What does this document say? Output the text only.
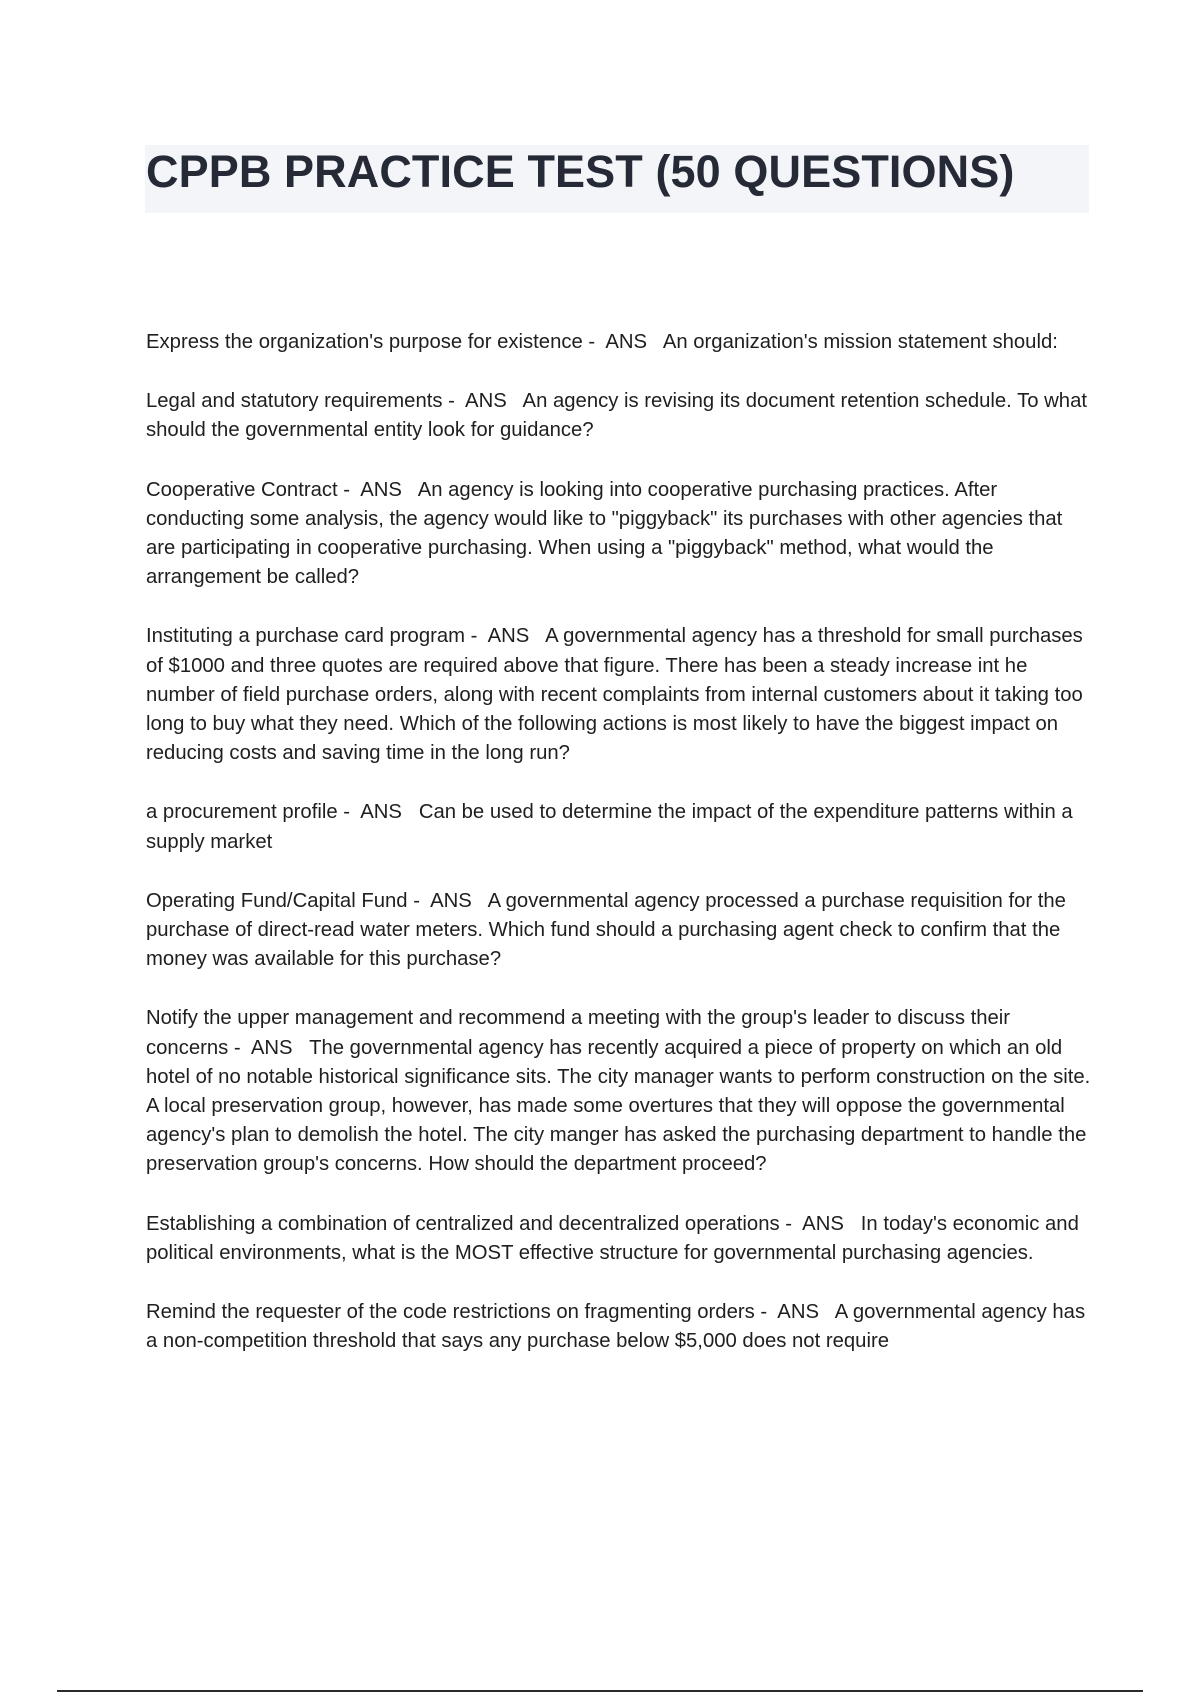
CPPB PRACTICE TEST (50 QUESTIONS)
Express the organization's purpose for existence -  ANS   An organization's mission statement should:
Legal and statutory requirements -  ANS   An agency is revising its document retention schedule. To what should the governmental entity look for guidance?
Cooperative Contract -  ANS   An agency is looking into cooperative purchasing practices. After conducting some analysis, the agency would like to "piggyback" its purchases with other agencies that are participating in cooperative purchasing. When using a "piggyback" method, what would the arrangement be called?
Instituting a purchase card program -  ANS   A governmental agency has a threshold for small purchases of $1000 and three quotes are required above that figure. There has been a steady increase int he number of field purchase orders, along with recent complaints from internal customers about it taking too long to buy what they need. Which of the following actions is most likely to have the biggest impact on reducing costs and saving time in the long run?
a procurement profile -  ANS   Can be used to determine the impact of the expenditure patterns within a supply market
Operating Fund/Capital Fund -  ANS   A governmental agency processed a purchase requisition for the purchase of direct-read water meters. Which fund should a purchasing agent check to confirm that the money was available for this purchase?
Notify the upper management and recommend a meeting with the group's leader to discuss their concerns -  ANS   The governmental agency has recently acquired a piece of property on which an old hotel of no notable historical significance sits. The city manager wants to perform construction on the site. A local preservation group, however, has made some overtures that they will oppose the governmental agency's plan to demolish the hotel. The city manger has asked the purchasing department to handle the preservation group's concerns. How should the department proceed?
Establishing a combination of centralized and decentralized operations -  ANS   In today's economic and political environments, what is the MOST effective structure for governmental purchasing agencies.
Remind the requester of the code restrictions on fragmenting orders -  ANS   A governmental agency has a non-competition threshold that says any purchase below $5,000 does not require
